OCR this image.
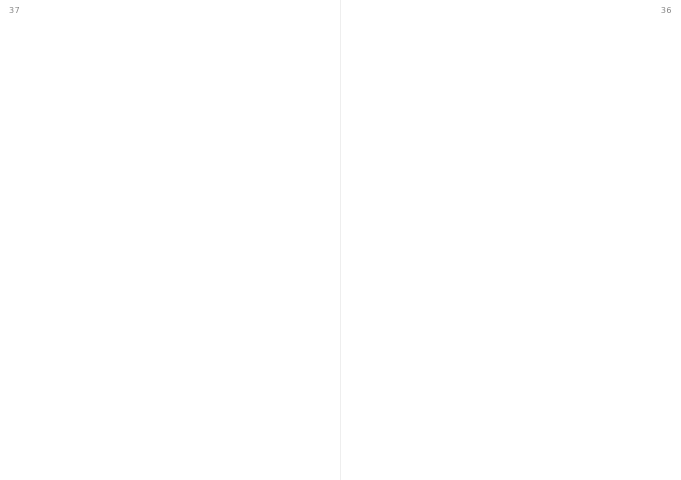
37	36
